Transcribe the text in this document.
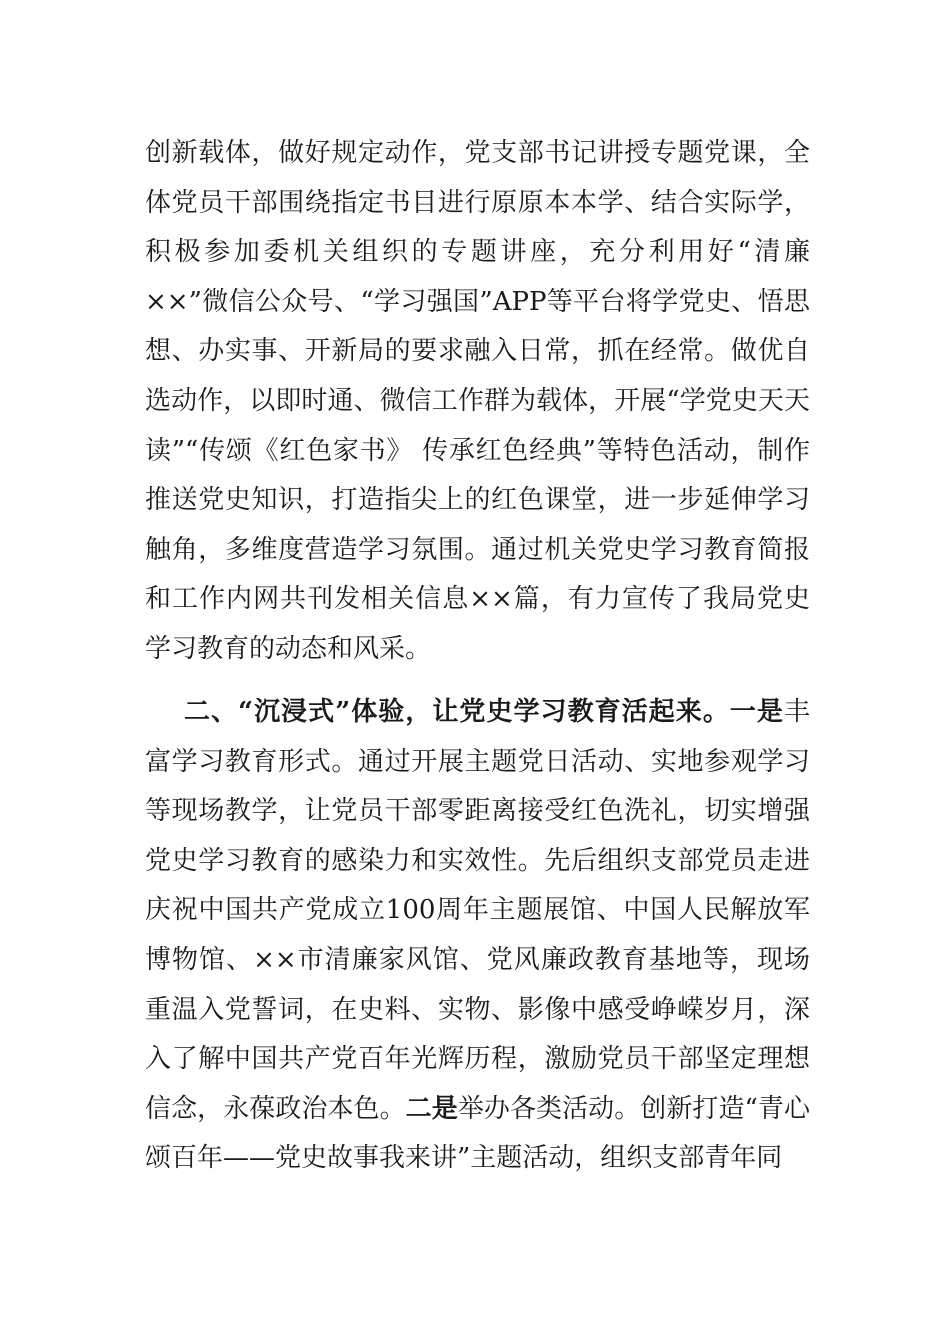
创新载体，做好规定动作，党支部书记讲授专题党课，全体党员干部围绕指定书目进行原原本本学、结合实际学，积极参加委机关组织的专题讲座，充分利用好“清廉××”微信公众号、“学习强国”APP等平台将学党史、悟思想、办实事、开新局的要求融入日常，抓在经常。做优自选动作，以即时通、微信工作群为载体，开展“学党史天天读”“传颂《红色家书》 传承红色经典”等特色活动，制作推送党史知识，打造指尖上的红色课堂，进一步延伸学习触角，多维度营造学习氛围。通过机关党史学习教育简报和工作内网共刊发相关信息××篇，有力宣传了我局党史学习教育的动态和风采。

二、“沉浸式”体验，让党史学习教育活起来。一是丰富学习教育形式。通过开展主题党日活动、实地参观学习等现场教学，让党员干部零距离接受红色洗礼，切实增强党史学习教育的感染力和实效性。先后组织支部党员走进庆祝中国共产党成立100周年主题展馆、中国人民解放军博物馆、××市清廉家风馆、党风廉政教育基地等，现场重温入党誓词，在史料、实物、影像中感受峥嵘岁月，深入了解中国共产党百年光辉历程，激励党员干部坚定理想信念，永葆政治本色。二是举办各类活动。创新打造“青心颂百年——党史故事我来讲”主题活动，组织支部青年同
